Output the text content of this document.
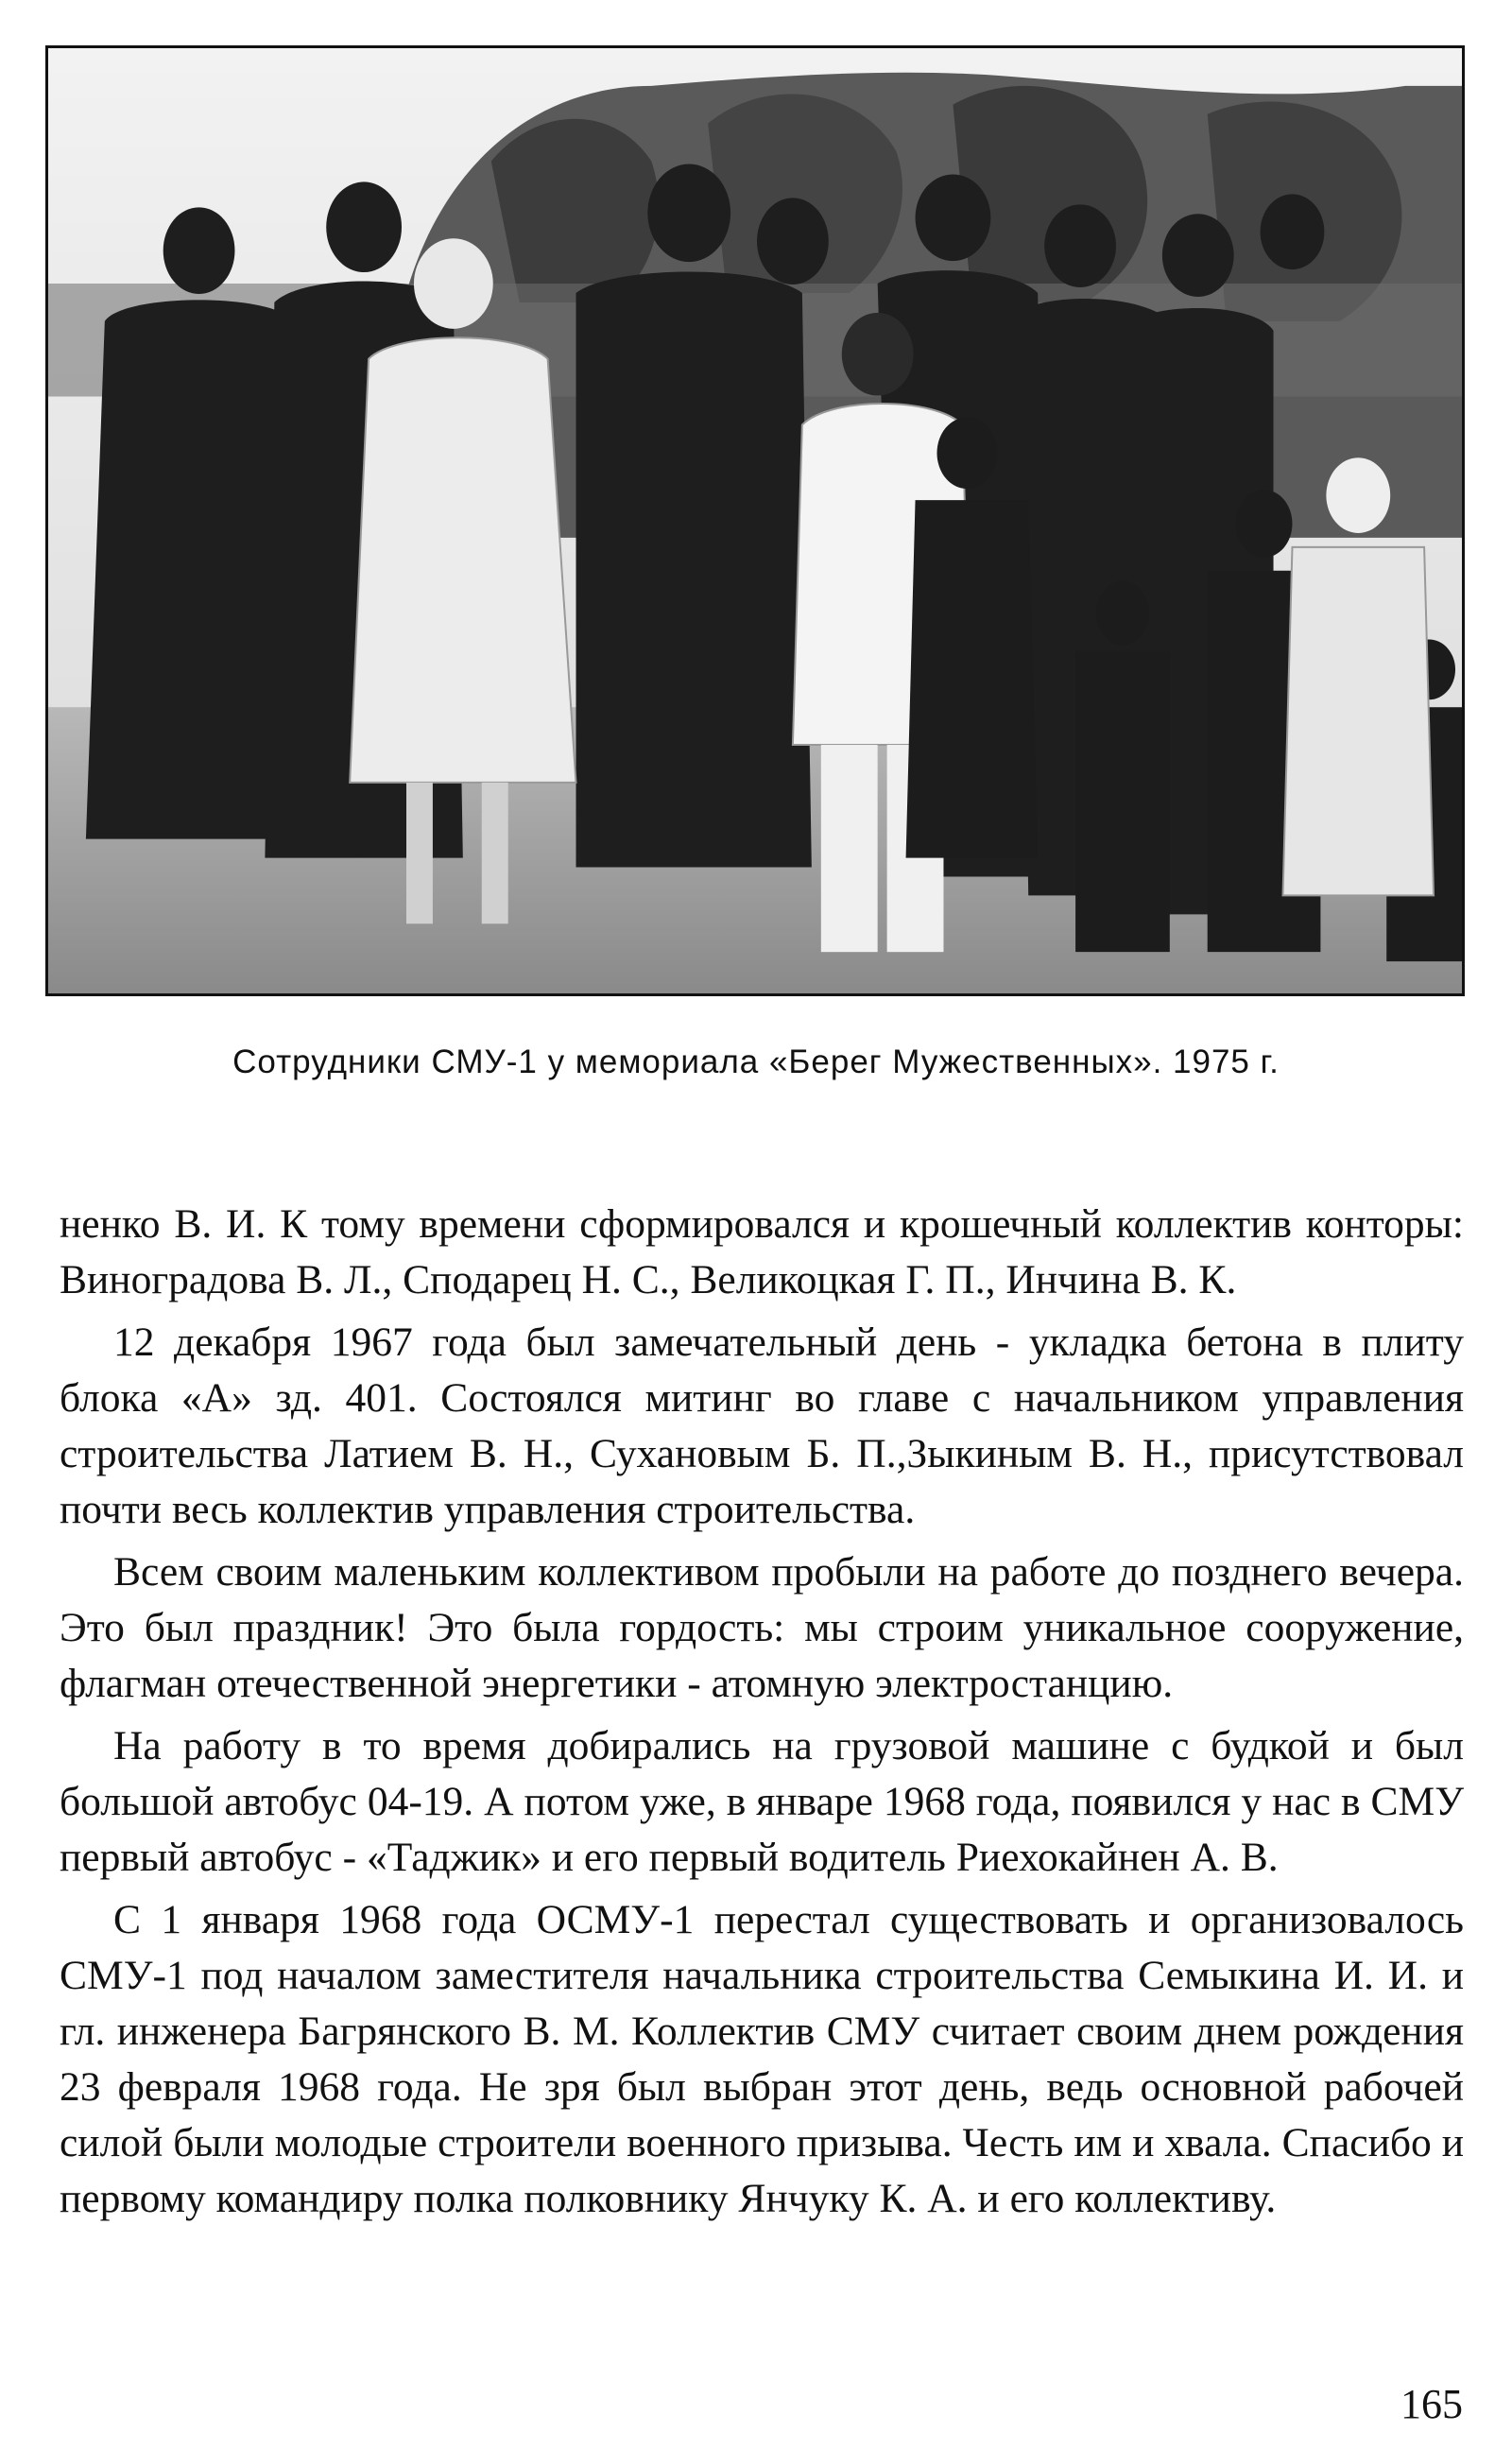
Сотрудники СМУ-1 у мемориала «Берег Мужественных». 1975 г.

ненко В. И. К тому времени сформировался и крошечный коллектив конторы: Виноградова В. Л., Сподарец Н. С., Великоцкая Г. П., Инчина В. К.

12 декабря 1967 года был замечательный день - укладка бетона в плиту блока «А» зд. 401. Состоялся митинг во главе с начальником управления строительства Латием В. Н., Сухановым Б. П.,Зыкиным В. Н., присутствовал почти весь коллектив управления строительства.

Всем своим маленьким коллективом пробыли на работе до позднего вечера. Это был праздник! Это была гордость: мы строим уникальное сооружение, флагман отечественной энергетики - атомную электростанцию.

На работу в то время добирались на грузовой машине с будкой и был большой автобус 04-19. А потом уже, в январе 1968 года, появился у нас в СМУ первый автобус - «Таджик» и его первый водитель Риехокайнен А. В.

С 1 января 1968 года ОСМУ-1 перестал существовать и организовалось СМУ-1 под началом заместителя начальника строительства Семыкина И. И. и гл. инженера Багрянского В. М. Коллектив СМУ считает своим днем рождения 23 февраля 1968 года. Не зря был выбран этот день, ведь основной рабочей силой были молодые строители военного призыва. Честь им и хвала. Спасибо и первому командиру полка полковнику Янчуку К. А. и его коллективу.

165
